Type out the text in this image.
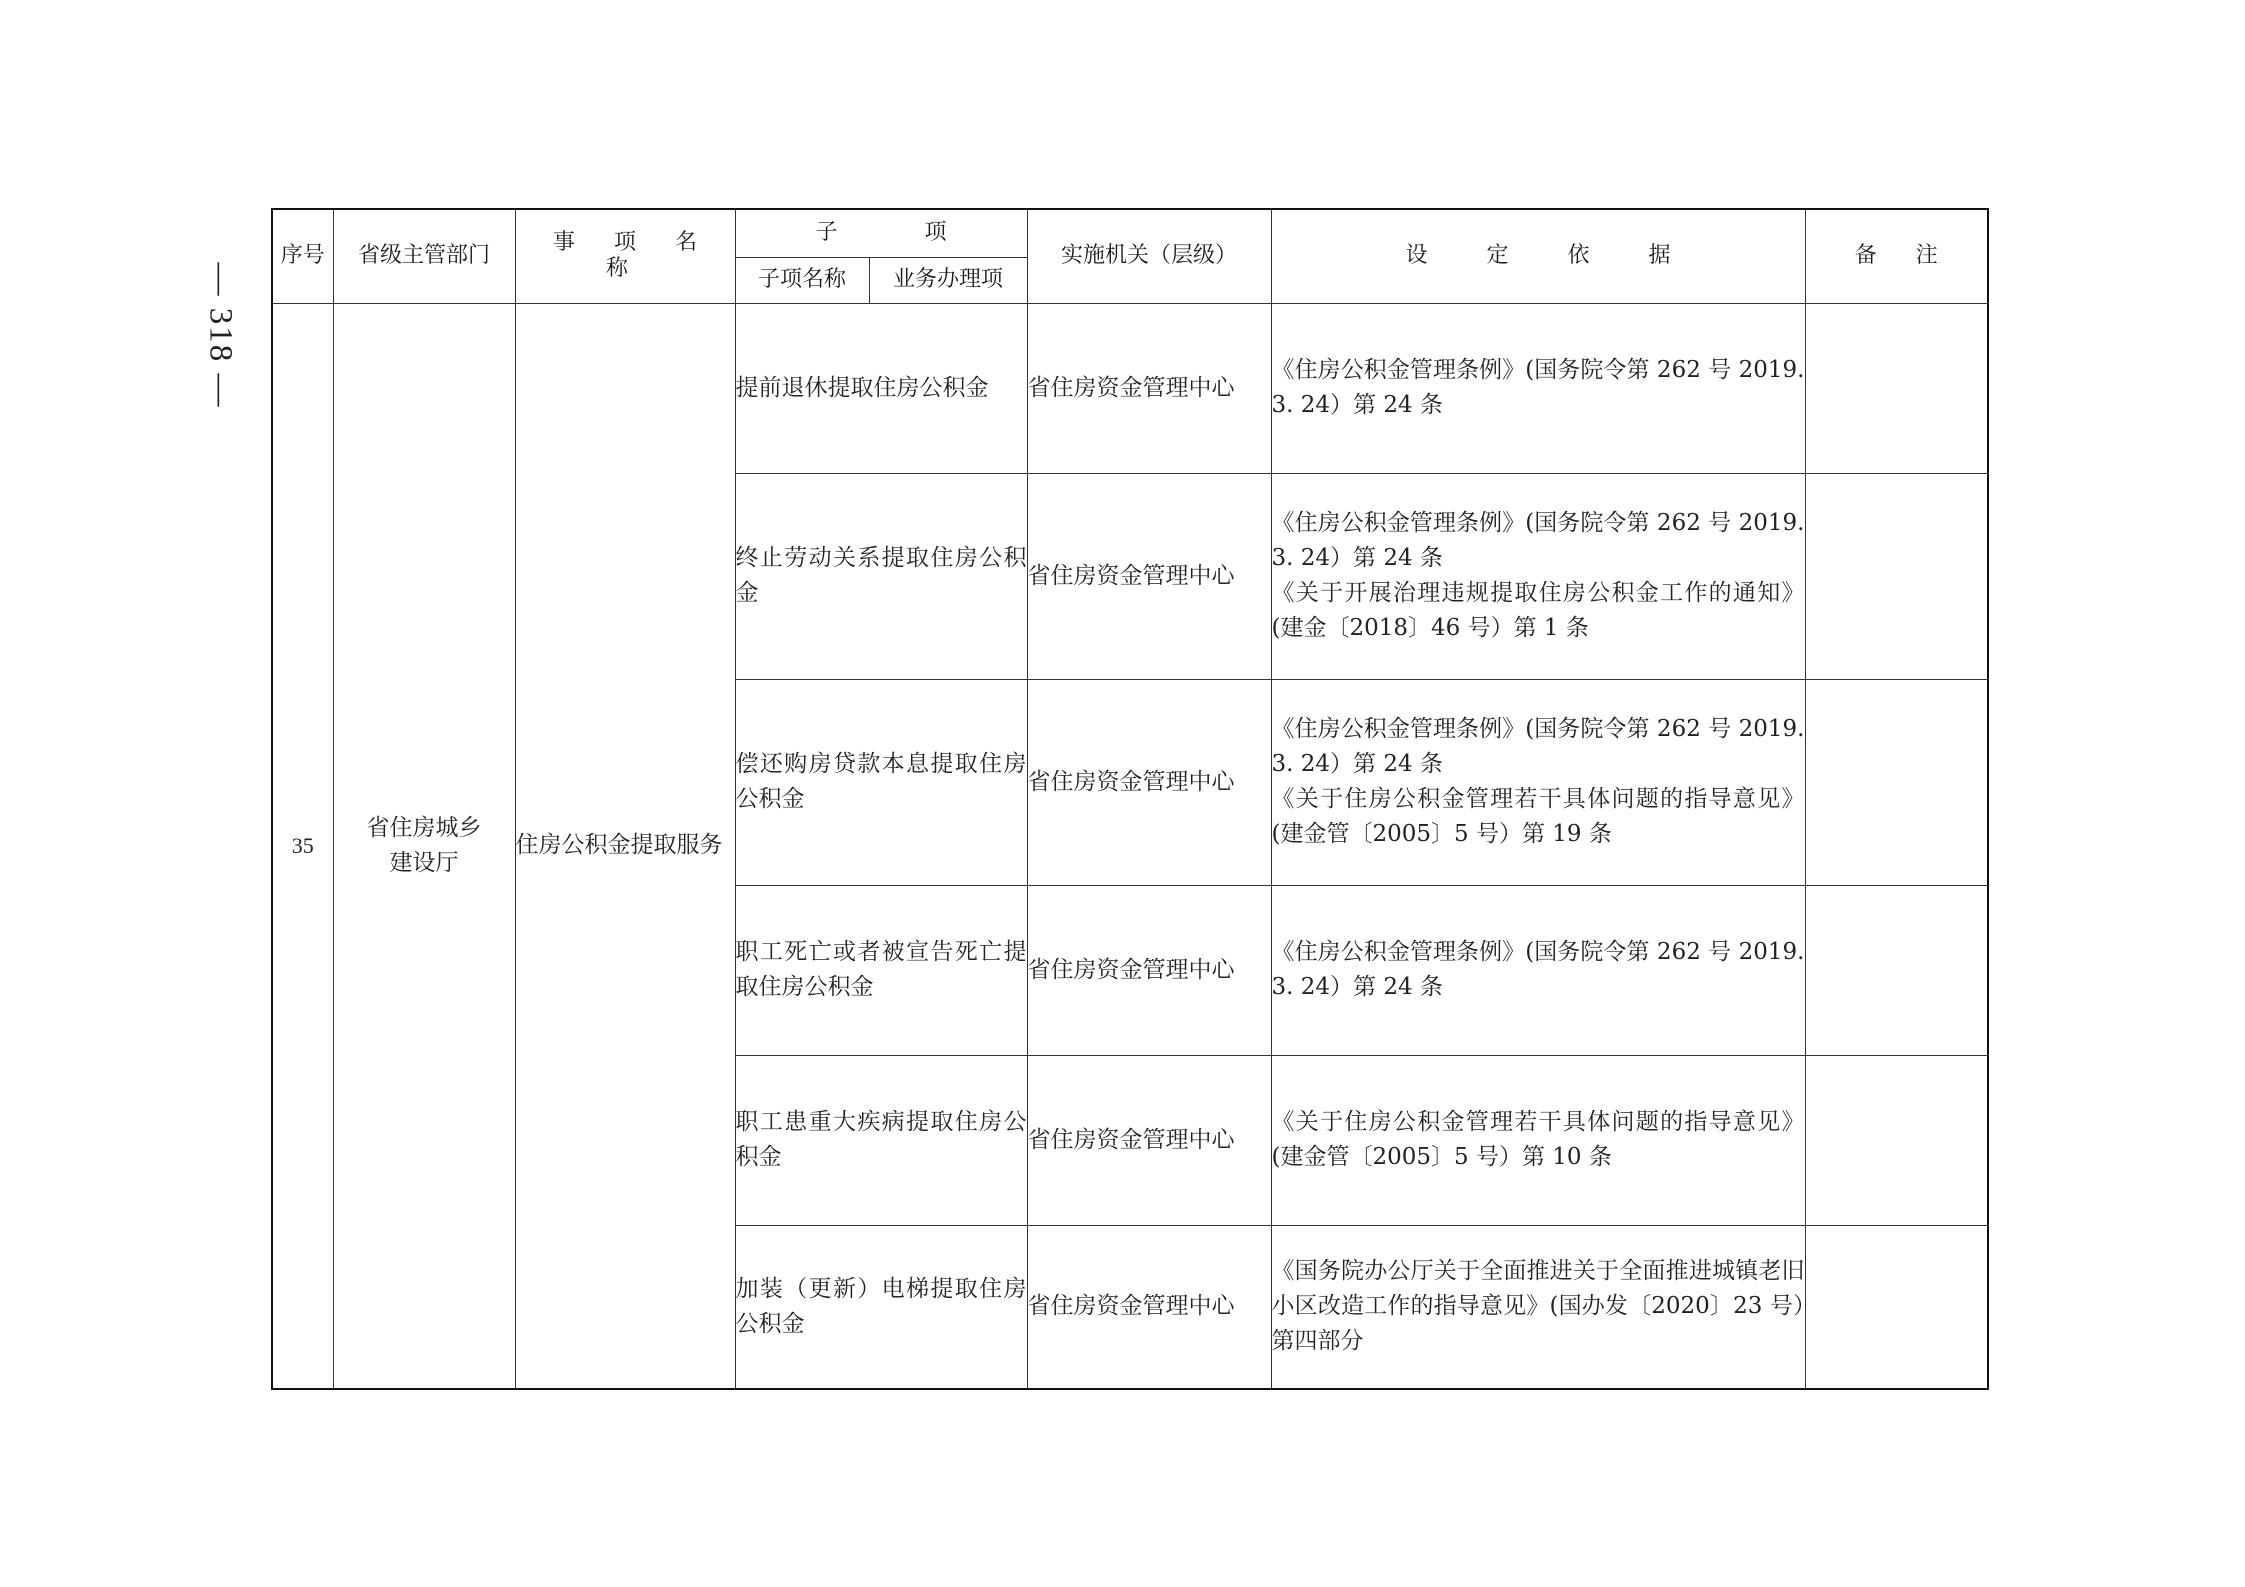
— 318 —
序号	省级主管部门	事 项 名 称	子 项		实施机关（层级）	设 定 依 据	备 注
			子项名称	业务办理项			
35	省住房城乡建设厅	住房公积金提取服务	提前退休提取住房公积金		省住房资金管理中心	《住房公积金管理条例》(国务院令第 262 号 2019. 3. 24）第 24 条	

			终止劳动关系提取住房公积金		省住房资金管理中心	《住房公积金管理条例》(国务院令第 262 号 2019. 3. 24）第 24 条
《关于开展治理违规提取住房公积金工作的通知》(建金〔2018〕46 号）第 1 条	

			偿还购房贷款本息提取住房公积金		省住房资金管理中心	《住房公积金管理条例》(国务院令第 262 号 2019. 3. 24）第 24 条
《关于住房公积金管理若干具体问题的指导意见》(建金管〔2005〕5 号）第 19 条	

			职工死亡或者被宣告死亡提取住房公积金		省住房资金管理中心	《住房公积金管理条例》(国务院令第 262 号 2019. 3. 24）第 24 条	

			职工患重大疾病提取住房公积金		省住房资金管理中心	《关于住房公积金管理若干具体问题的指导意见》(建金管〔2005〕5 号）第 10 条	

			加装（更新）电梯提取住房公积金		省住房资金管理中心	《国务院办公厅关于全面推进关于全面推进城镇老旧小区改造工作的指导意见》(国办发〔2020〕23 号）第四部分	
